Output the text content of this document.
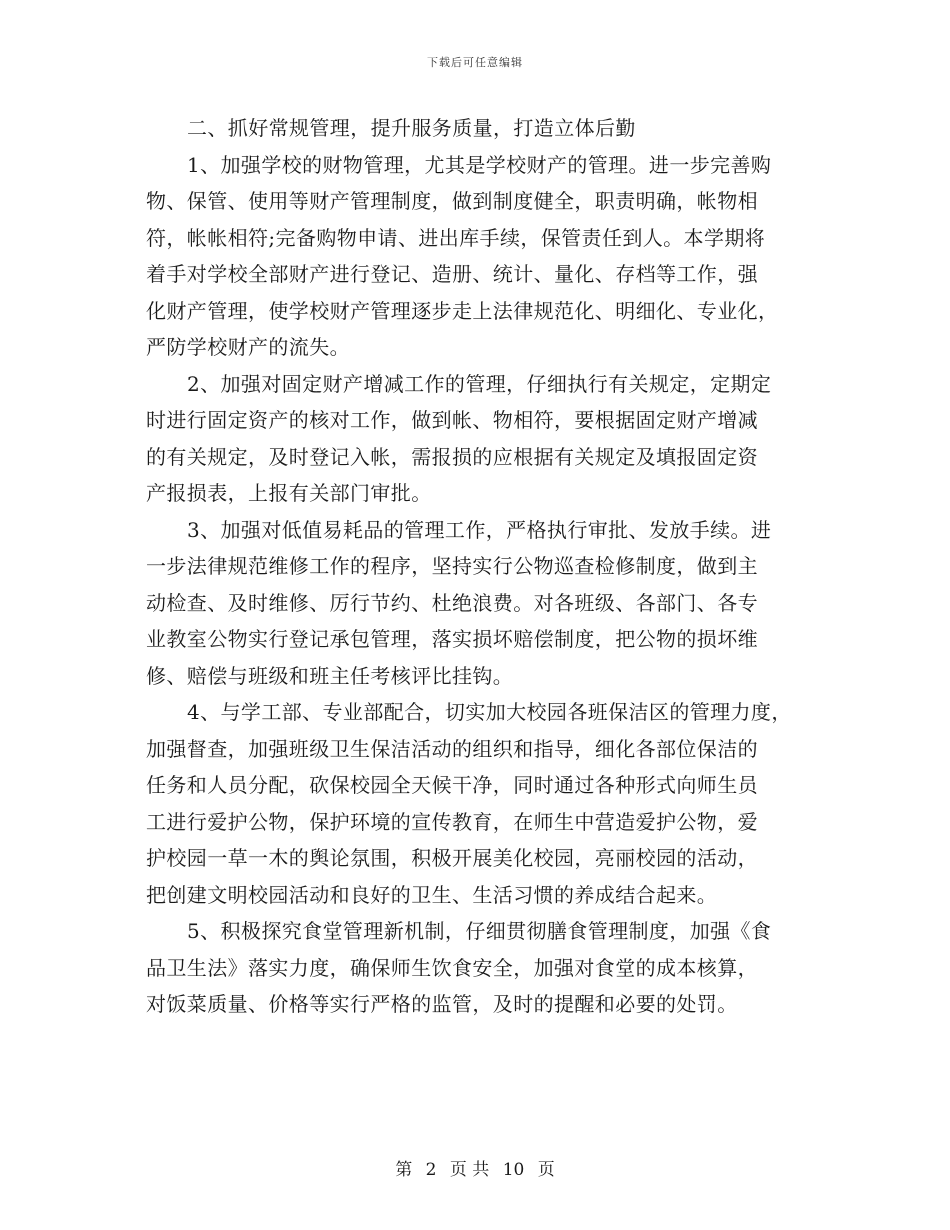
下载后可任意编辑
二、抓好常规管理，提升服务质量，打造立体后勤
1、加强学校的财物管理，尤其是学校财产的管理。进一步完善购
物、保管、使用等财产管理制度，做到制度健全，职责明确，帐物相
符，帐帐相符;完备购物申请、进出库手续，保管责任到人。本学期将
着手对学校全部财产进行登记、造册、统计、量化、存档等工作，强
化财产管理，使学校财产管理逐步走上法律规范化、明细化、专业化，
严防学校财产的流失。
2、加强对固定财产增减工作的管理，仔细执行有关规定，定期定
时进行固定资产的核对工作，做到帐、物相符，要根据固定财产增减
的有关规定，及时登记入帐，需报损的应根据有关规定及填报固定资
产报损表，上报有关部门审批。
3、加强对低值易耗品的管理工作，严格执行审批、发放手续。进
一步法律规范维修工作的程序，坚持实行公物巡查检修制度，做到主
动检查、及时维修、厉行节约、杜绝浪费。对各班级、各部门、各专
业教室公物实行登记承包管理，落实损坏赔偿制度，把公物的损坏维
修、赔偿与班级和班主任考核评比挂钩。
4、与学工部、专业部配合，切实加大校园各班保洁区的管理力度，
加强督查，加强班级卫生保洁活动的组织和指导，细化各部位保洁的
任务和人员分配，砍保校园全天候干净，同时通过各种形式向师生员
工进行爱护公物，保护环境的宣传教育，在师生中营造爱护公物，爱
护校园一草一木的舆论氛围，积极开展美化校园，亮丽校园的活动，
把创建文明校园活动和良好的卫生、生活习惯的养成结合起来。
5、积极探究食堂管理新机制，仔细贯彻膳食管理制度，加强《食
品卫生法》落实力度，确保师生饮食安全，加强对食堂的成本核算，
对饭菜质量、价格等实行严格的监管，及时的提醒和必要的处罚。
第 2 页 共 10 页
